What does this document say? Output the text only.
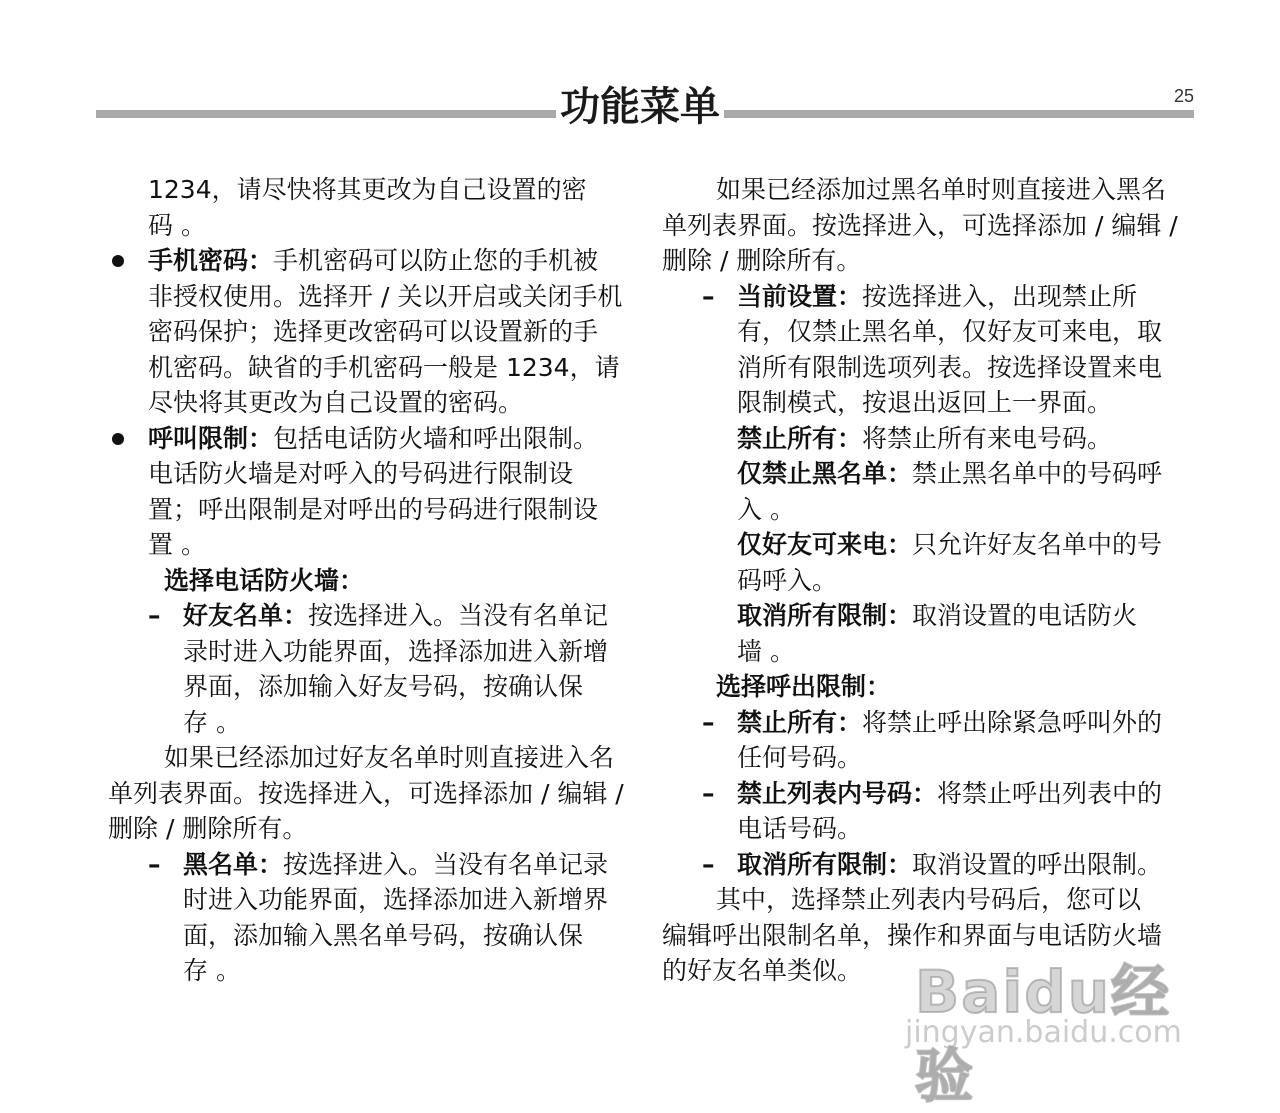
功能菜单	25
1234，请尽快将其更改为自己设置的密
码 。
手机密码：手机密码可以防止您的手机被
非授权使用。选择开 / 关以开启或关闭手机
密码保护；选择更改密码可以设置新的手
机密码。缺省的手机密码一般是 1234，请
尽快将其更改为自己设置的密码。
呼叫限制：包括电话防火墙和呼出限制。
电话防火墙是对呼入的号码进行限制设
置；呼出限制是对呼出的号码进行限制设
置 。
选择电话防火墙：
– 好友名单：按选择进入。当没有名单记
录时进入功能界面，选择添加进入新增
界面，添加输入好友号码，按确认保
存 。
如果已经添加过好友名单时则直接进入名
单列表界面。按选择进入，可选择添加 / 编辑 /
删除 / 删除所有。
– 黑名单：按选择进入。当没有名单记录
时进入功能界面，选择添加进入新增界
面，添加输入黑名单号码，按确认保
存 。
如果已经添加过黑名单时则直接进入黑名
单列表界面。按选择进入，可选择添加 / 编辑 /
删除 / 删除所有。
– 当前设置：按选择进入，出现禁止所
有，仅禁止黑名单，仅好友可来电，取
消所有限制选项列表。按选择设置来电
限制模式，按退出返回上一界面。
禁止所有：将禁止所有来电号码。
仅禁止黑名单：禁止黑名单中的号码呼
入 。
仅好友可来电：只允许好友名单中的号
码呼入。
取消所有限制：取消设置的电话防火
墙 。
选择呼出限制：
– 禁止所有：将禁止呼出除紧急呼叫外的
任何号码。
– 禁止列表内号码：将禁止呼出列表中的
电话号码。
– 取消所有限制：取消设置的呼出限制。
其中，选择禁止列表内号码后，您可以
编辑呼出限制名单，操作和界面与电话防火墙
的好友名单类似。 Baidu经验
jingyan.baidu.com
